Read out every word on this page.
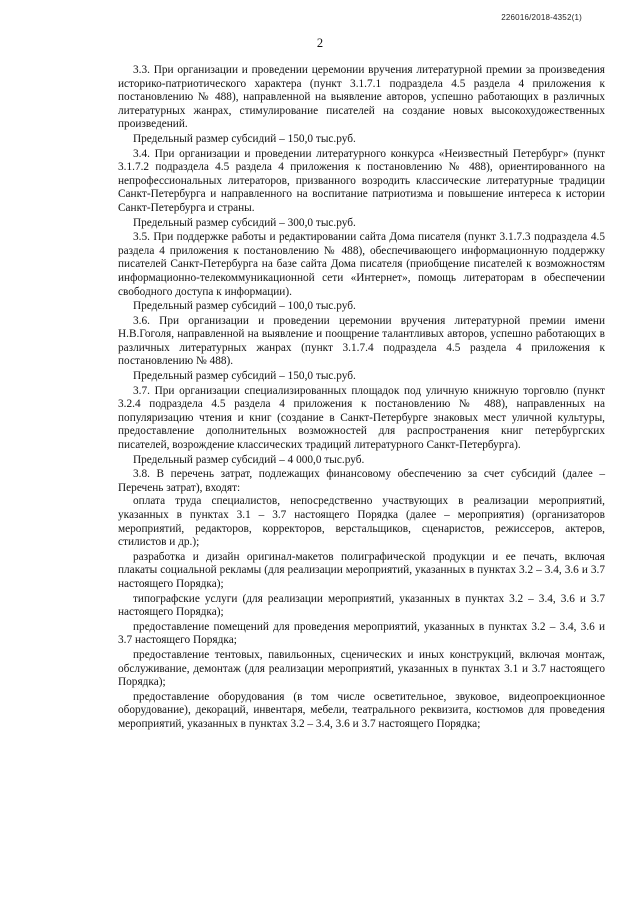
226016/2018-4352(1)
2

3.3. При организации и проведении церемонии вручения литературной премии за произведения историко-патриотического характера (пункт 3.1.7.1 подраздела 4.5 раздела 4 приложения к постановлению № 488), направленной на выявление авторов, успешно работающих в различных литературных жанрах, стимулирование писателей на создание новых высокохудожественных произведений.

Предельный размер субсидий – 150,0 тыс.руб.

3.4. При организации и проведении литературного конкурса «Неизвестный Петербург» (пункт 3.1.7.2 подраздела 4.5 раздела 4 приложения к постановлению № 488), ориентированного на непрофессиональных литераторов, призванного возродить классические литературные традиции Санкт-Петербурга и направленного на воспитание патриотизма и повышение интереса к истории Санкт-Петербурга и страны.

Предельный размер субсидий – 300,0 тыс.руб.

3.5. При поддержке работы и редактировании сайта Дома писателя (пункт 3.1.7.3 подраздела 4.5 раздела 4 приложения к постановлению № 488), обеспечивающего информационную поддержку писателей Санкт-Петербурга на базе сайта Дома писателя (приобщение писателей к возможностям информационно-телекоммуникационной сети «Интернет», помощь литераторам в обеспечении свободного доступа к информации).

Предельный размер субсидий – 100,0 тыс.руб.

3.6. При организации и проведении церемонии вручения литературной премии имени Н.В.Гоголя, направленной на выявление и поощрение талантливых авторов, успешно работающих в различных литературных жанрах (пункт 3.1.7.4 подраздела 4.5 раздела 4 приложения к постановлению № 488).

Предельный размер субсидий – 150,0 тыс.руб.

3.7. При организации специализированных площадок под уличную книжную торговлю (пункт 3.2.4 подраздела 4.5 раздела 4 приложения к постановлению № 488), направленных на популяризацию чтения и книг (создание в Санкт-Петербурге знаковых мест уличной культуры, предоставление дополнительных возможностей для распространения книг петербургских писателей, возрождение классических традиций литературного Санкт-Петербурга).

Предельный размер субсидий – 4 000,0 тыс.руб.

3.8. В перечень затрат, подлежащих финансовому обеспечению за счет субсидий (далее – Перечень затрат), входят:

оплата труда специалистов, непосредственно участвующих в реализации мероприятий, указанных в пунктах 3.1 – 3.7 настоящего Порядка (далее – мероприятия) (организаторов мероприятий, редакторов, корректоров, верстальщиков, сценаристов, режиссеров, актеров, стилистов и др.);

разработка и дизайн оригинал-макетов полиграфической продукции и ее печать, включая плакаты социальной рекламы (для реализации мероприятий, указанных в пунктах 3.2 – 3.4, 3.6 и 3.7 настоящего Порядка);

типографские услуги (для реализации мероприятий, указанных в пунктах 3.2 – 3.4, 3.6 и 3.7 настоящего Порядка);

предоставление помещений для проведения мероприятий, указанных в пунктах 3.2 – 3.4, 3.6 и 3.7 настоящего Порядка;

предоставление тентовых, павильонных, сценических и иных конструкций, включая монтаж, обслуживание, демонтаж (для реализации мероприятий, указанных в пунктах 3.1 и 3.7 настоящего Порядка);

предоставление оборудования (в том числе осветительное, звуковое, видеопроекционное оборудование), декораций, инвентаря, мебели, театрального реквизита, костюмов для проведения мероприятий, указанных в пунктах 3.2 – 3.4, 3.6 и 3.7 настоящего Порядка;
